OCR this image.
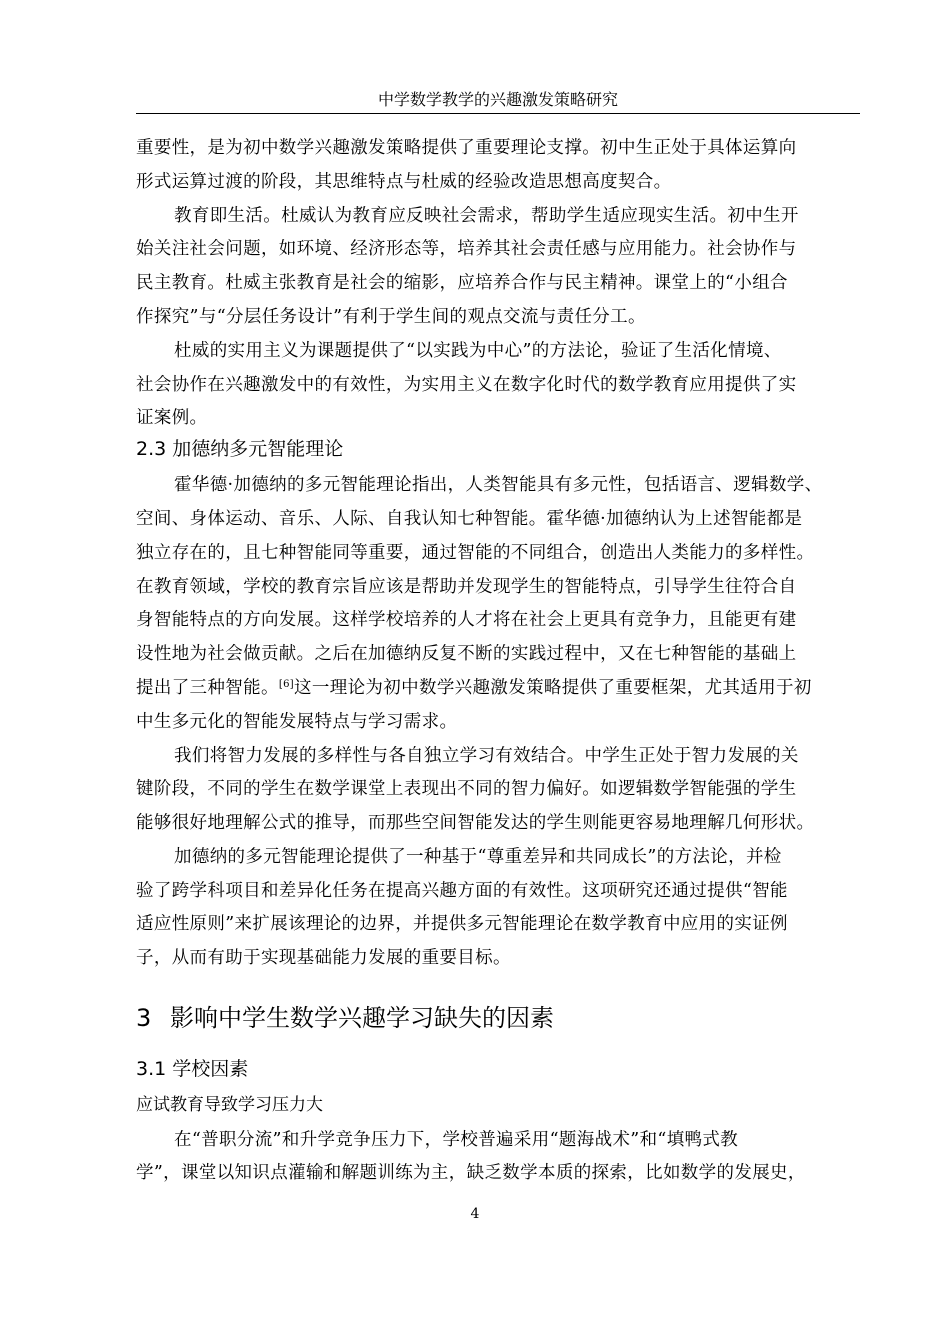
中学数学教学的兴趣激发策略研究
重要性，是为初中数学兴趣激发策略提供了重要理论支撑。初中生正处于具体运算向
形式运算过渡的阶段，其思维特点与杜威的经验改造思想高度契合。
教育即生活。杜威认为教育应反映社会需求，帮助学生适应现实生活。初中生开
始关注社会问题，如环境、经济形态等，培养其社会责任感与应用能力。社会协作与
民主教育。杜威主张教育是社会的缩影，应培养合作与民主精神。课堂上的“小组合
作探究”与“分层任务设计”有利于学生间的观点交流与责任分工。
杜威的实用主义为课题提供了“以实践为中心”的方法论，验证了生活化情境、
社会协作在兴趣激发中的有效性，为实用主义在数字化时代的数学教育应用提供了实
证案例。
2.3 加德纳多元智能理论
霍华德·加德纳的多元智能理论指出，人类智能具有多元性，包括语言、逻辑数学、
空间、身体运动、音乐、人际、自我认知七种智能。霍华德·加德纳认为上述智能都是
独立存在的，且七种智能同等重要，通过智能的不同组合，创造出人类能力的多样性。
在教育领域，学校的教育宗旨应该是帮助并发现学生的智能特点，引导学生往符合自
身智能特点的方向发展。这样学校培养的人才将在社会上更具有竞争力，且能更有建
设性地为社会做贡献。之后在加德纳反复不断的实践过程中，又在七种智能的基础上
提出了三种智能。[6]这一理论为初中数学兴趣激发策略提供了重要框架，尤其适用于初
中生多元化的智能发展特点与学习需求。
我们将智力发展的多样性与各自独立学习有效结合。中学生正处于智力发展的关
键阶段，不同的学生在数学课堂上表现出不同的智力偏好。如逻辑数学智能强的学生
能够很好地理解公式的推导，而那些空间智能发达的学生则能更容易地理解几何形状。
加德纳的多元智能理论提供了一种基于“尊重差异和共同成长”的方法论，并检
验了跨学科项目和差异化任务在提高兴趣方面的有效性。这项研究还通过提供“智能
适应性原则”来扩展该理论的边界，并提供多元智能理论在数学教育中应用的实证例
子，从而有助于实现基础能力发展的重要目标。
3 影响中学生数学兴趣学习缺失的因素
3.1 学校因素
应试教育导致学习压力大
在“普职分流”和升学竞争压力下，学校普遍采用“题海战术”和“填鸭式教
学”，课堂以知识点灌输和解题训练为主，缺乏数学本质的探索，比如数学的发展史，
4
